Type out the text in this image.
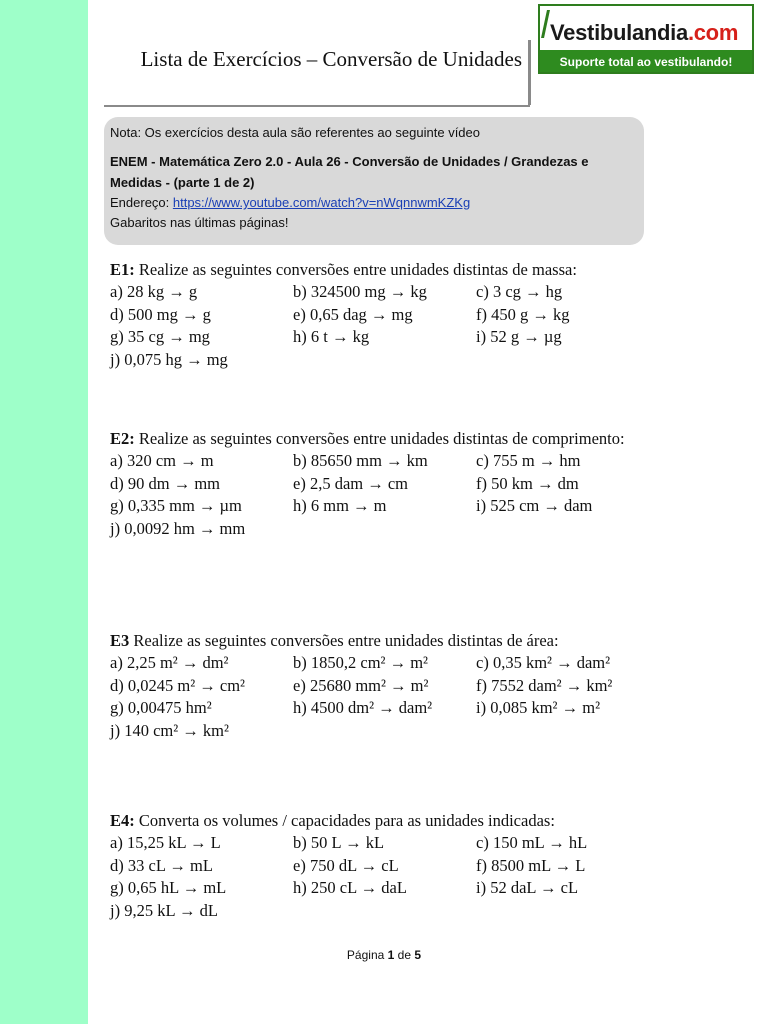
Lista de Exercícios – Conversão de Unidades
Vestibulandia.com
Suporte total ao vestibulando!
Nota: Os exercícios desta aula são referentes ao seguinte vídeo
ENEM - Matemática Zero 2.0 - Aula 26 - Conversão de Unidades / Grandezas e Medidas - (parte 1 de 2)
Endereço: https://www.youtube.com/watch?v=nWqnnwmKZKg
Gabaritos nas últimas páginas!
E1: Realize as seguintes conversões entre unidades distintas de massa:
a) 28 kg → g	b) 324500 mg → kg	c) 3 cg → hg
d) 500 mg → g	e) 0,65 dag → mg	f) 450 g → kg
g) 35 cg → mg	h) 6 t → kg	i) 52 g → µg
j) 0,075 hg → mg
E2: Realize as seguintes conversões entre unidades distintas de comprimento:
a) 320 cm → m	b) 85650 mm → km	c) 755 m → hm
d) 90 dm → mm	e) 2,5 dam → cm	f) 50 km → dm
g) 0,335 mm → µm	h) 6 mm → m	i) 525 cm → dam
j) 0,0092 hm → mm
E3 Realize as seguintes conversões entre unidades distintas de área:
a) 2,25 m² → dm²	b) 1850,2 cm² → m²	c) 0,35 km² → dam²
d) 0,0245 m² → cm²	e) 25680 mm² → m²	f) 7552 dam² → km²
g) 0,00475 hm²	h) 4500 dm² → dam²	i) 0,085 km² → m²
j) 140 cm² → km²
E4: Converta os volumes / capacidades para as unidades indicadas:
a) 15,25 kL → L	b) 50 L → kL	c) 150 mL → hL
d) 33 cL → mL	e) 750 dL → cL	f) 8500 mL → L
g) 0,65 hL → mL	h) 250 cL → daL	i) 52 daL → cL
j) 9,25 kL → dL
Página 1 de 5
